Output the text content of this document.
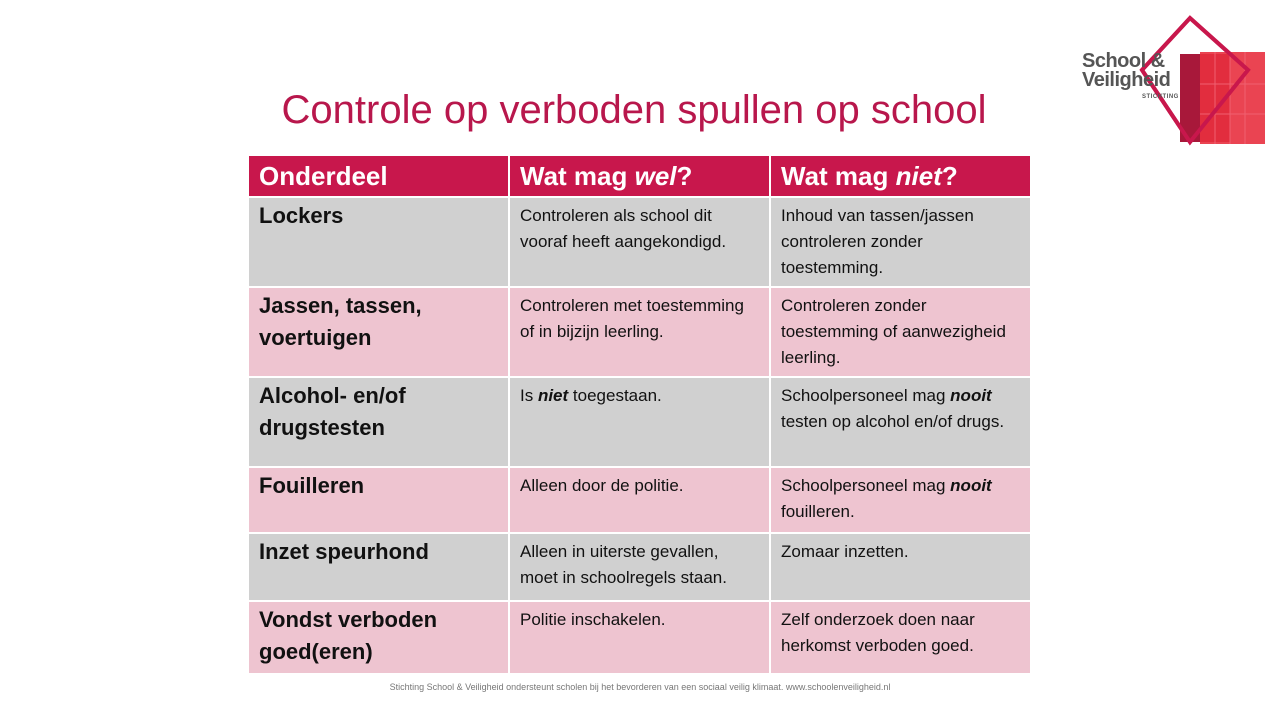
School &
Veiligheid
STICHTING
Controle op verboden spullen op school
Onderdeel	Wat mag wel?	Wat mag niet?
Lockers	Controleren als school dit vooraf heeft aangekondigd.	Inhoud van tassen/jassen controleren zonder toestemming.
Jassen, tassen, voertuigen	Controleren met toestemming of in bijzijn leerling.	Controleren zonder toestemming of aanwezigheid leerling.
Alcohol- en/of drugstesten	Is niet toegestaan.	Schoolpersoneel mag nooit testen op alcohol en/of drugs.
Fouilleren	Alleen door de politie.	Schoolpersoneel mag nooit fouilleren.
Inzet speurhond	Alleen in uiterste gevallen, moet in schoolregels staan.	Zomaar inzetten.
Vondst verboden goed(eren)	Politie inschakelen.	Zelf onderzoek doen naar herkomst verboden goed.
Stichting School & Veiligheid ondersteunt scholen bij het bevorderen van een sociaal veilig klimaat. www.schoolenveiligheid.nl
